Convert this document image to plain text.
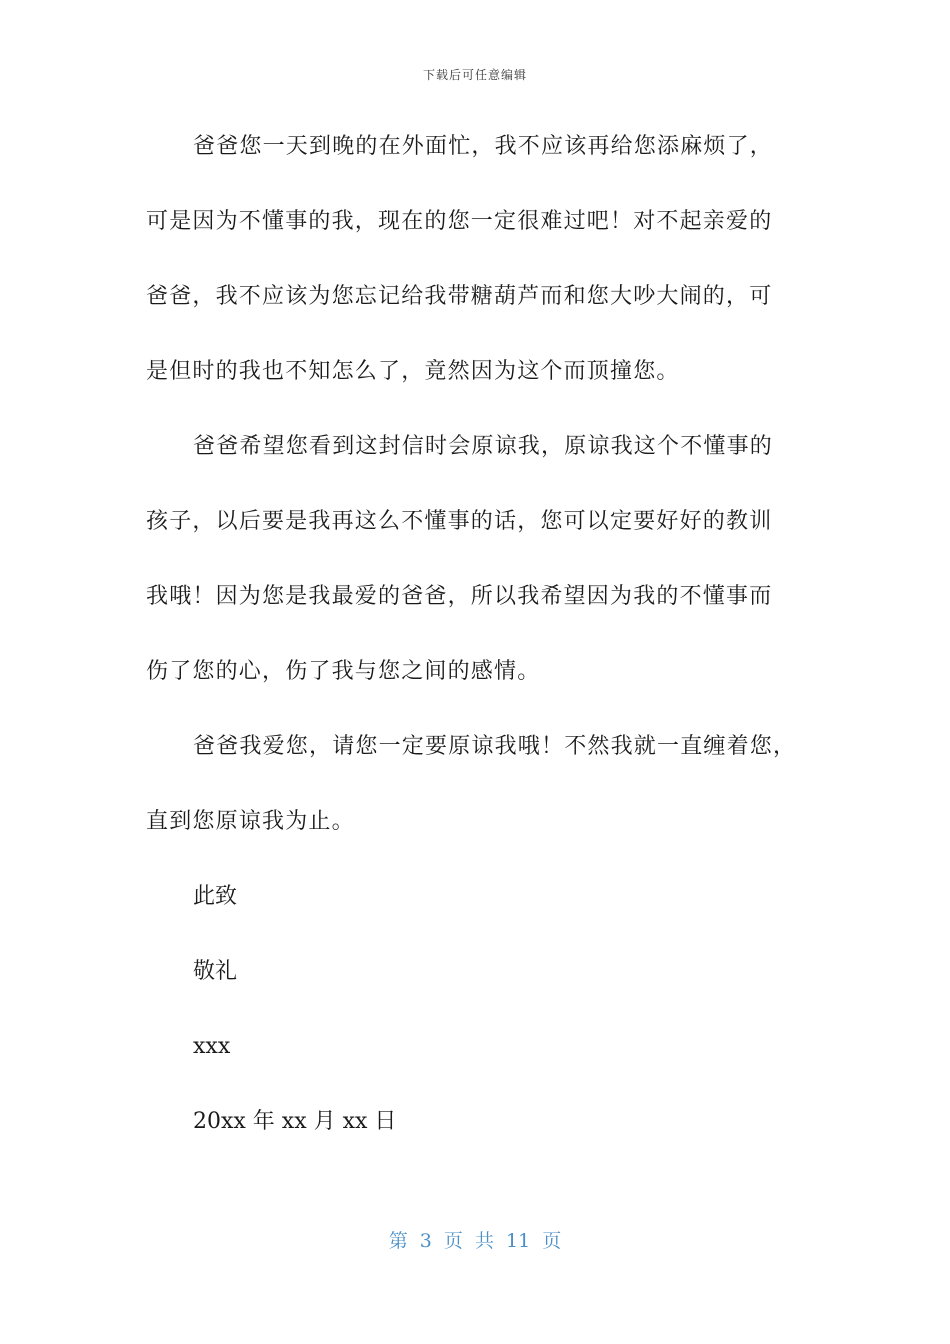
下载后可任意编辑
爸爸您一天到晚的在外面忙，我不应该再给您添麻烦了，
可是因为不懂事的我，现在的您一定很难过吧！对不起亲爱的
爸爸，我不应该为您忘记给我带糖葫芦而和您大吵大闹的，可
是但时的我也不知怎么了，竟然因为这个而顶撞您。
爸爸希望您看到这封信时会原谅我，原谅我这个不懂事的
孩子，以后要是我再这么不懂事的话，您可以定要好好的教训
我哦！因为您是我最爱的爸爸，所以我希望因为我的不懂事而
伤了您的心，伤了我与您之间的感情。
爸爸我爱您，请您一定要原谅我哦！不然我就一直缠着您，
直到您原谅我为止。
此致
敬礼
xxx
20xx 年 xx 月 xx 日
第 3 页 共 11 页
